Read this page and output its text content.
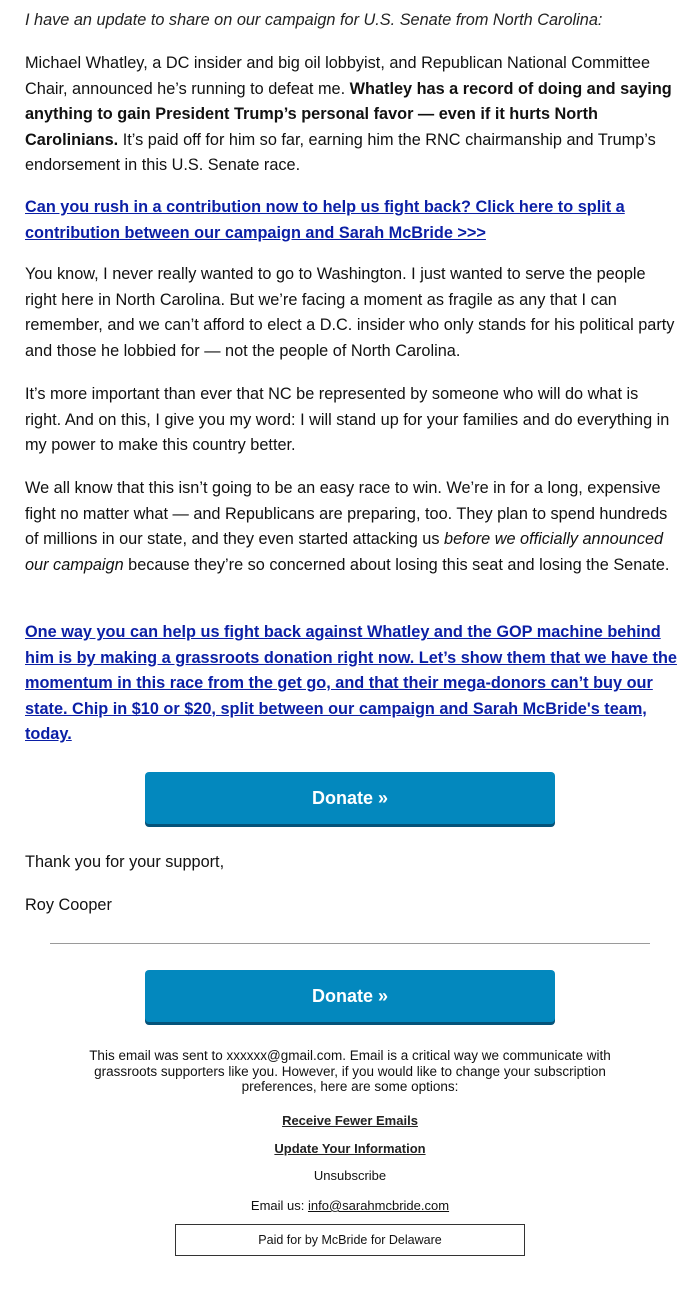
I have an update to share on our campaign for U.S. Senate from North Carolina:

Michael Whatley, a DC insider and big oil lobbyist, and Republican National Committee Chair, announced he’s running to defeat me. Whatley has a record of doing and saying anything to gain President Trump’s personal favor — even if it hurts North Carolinians. It’s paid off for him so far, earning him the RNC chairmanship and Trump’s endorsement in this U.S. Senate race.

Can you rush in a contribution now to help us fight back? Click here to split a contribution between our campaign and Sarah McBride >>>

You know, I never really wanted to go to Washington. I just wanted to serve the people right here in North Carolina. But we’re facing a moment as fragile as any that I can remember, and we can’t afford to elect a D.C. insider who only stands for his political party and those he lobbied for — not the people of North Carolina.

It’s more important than ever that NC be represented by someone who will do what is right. And on this, I give you my word: I will stand up for your families and do everything in my power to make this country better.

We all know that this isn’t going to be an easy race to win. We’re in for a long, expensive fight no matter what — and Republicans are preparing, too. They plan to spend hundreds of millions in our state, and they even started attacking us before we officially announced our campaign because they’re so concerned about losing this seat and losing the Senate.

One way you can help us fight back against Whatley and the GOP machine behind him is by making a grassroots donation right now. Let’s show them that we have the momentum in this race from the get go, and that their mega-donors can’t buy our state. Chip in $10 or $20, split between our campaign and Sarah McBride's team, today.

Donate »
Thank you for your support,
Roy Cooper
Donate »
This email was sent to xxxxxx@gmail.com. Email is a critical way we communicate with grassroots supporters like you. However, if you would like to change your subscription preferences, here are some options:
Receive Fewer Emails
Update Your Information
Unsubscribe
Email us: info@sarahmcbride.com
Paid for by McBride for Delaware
